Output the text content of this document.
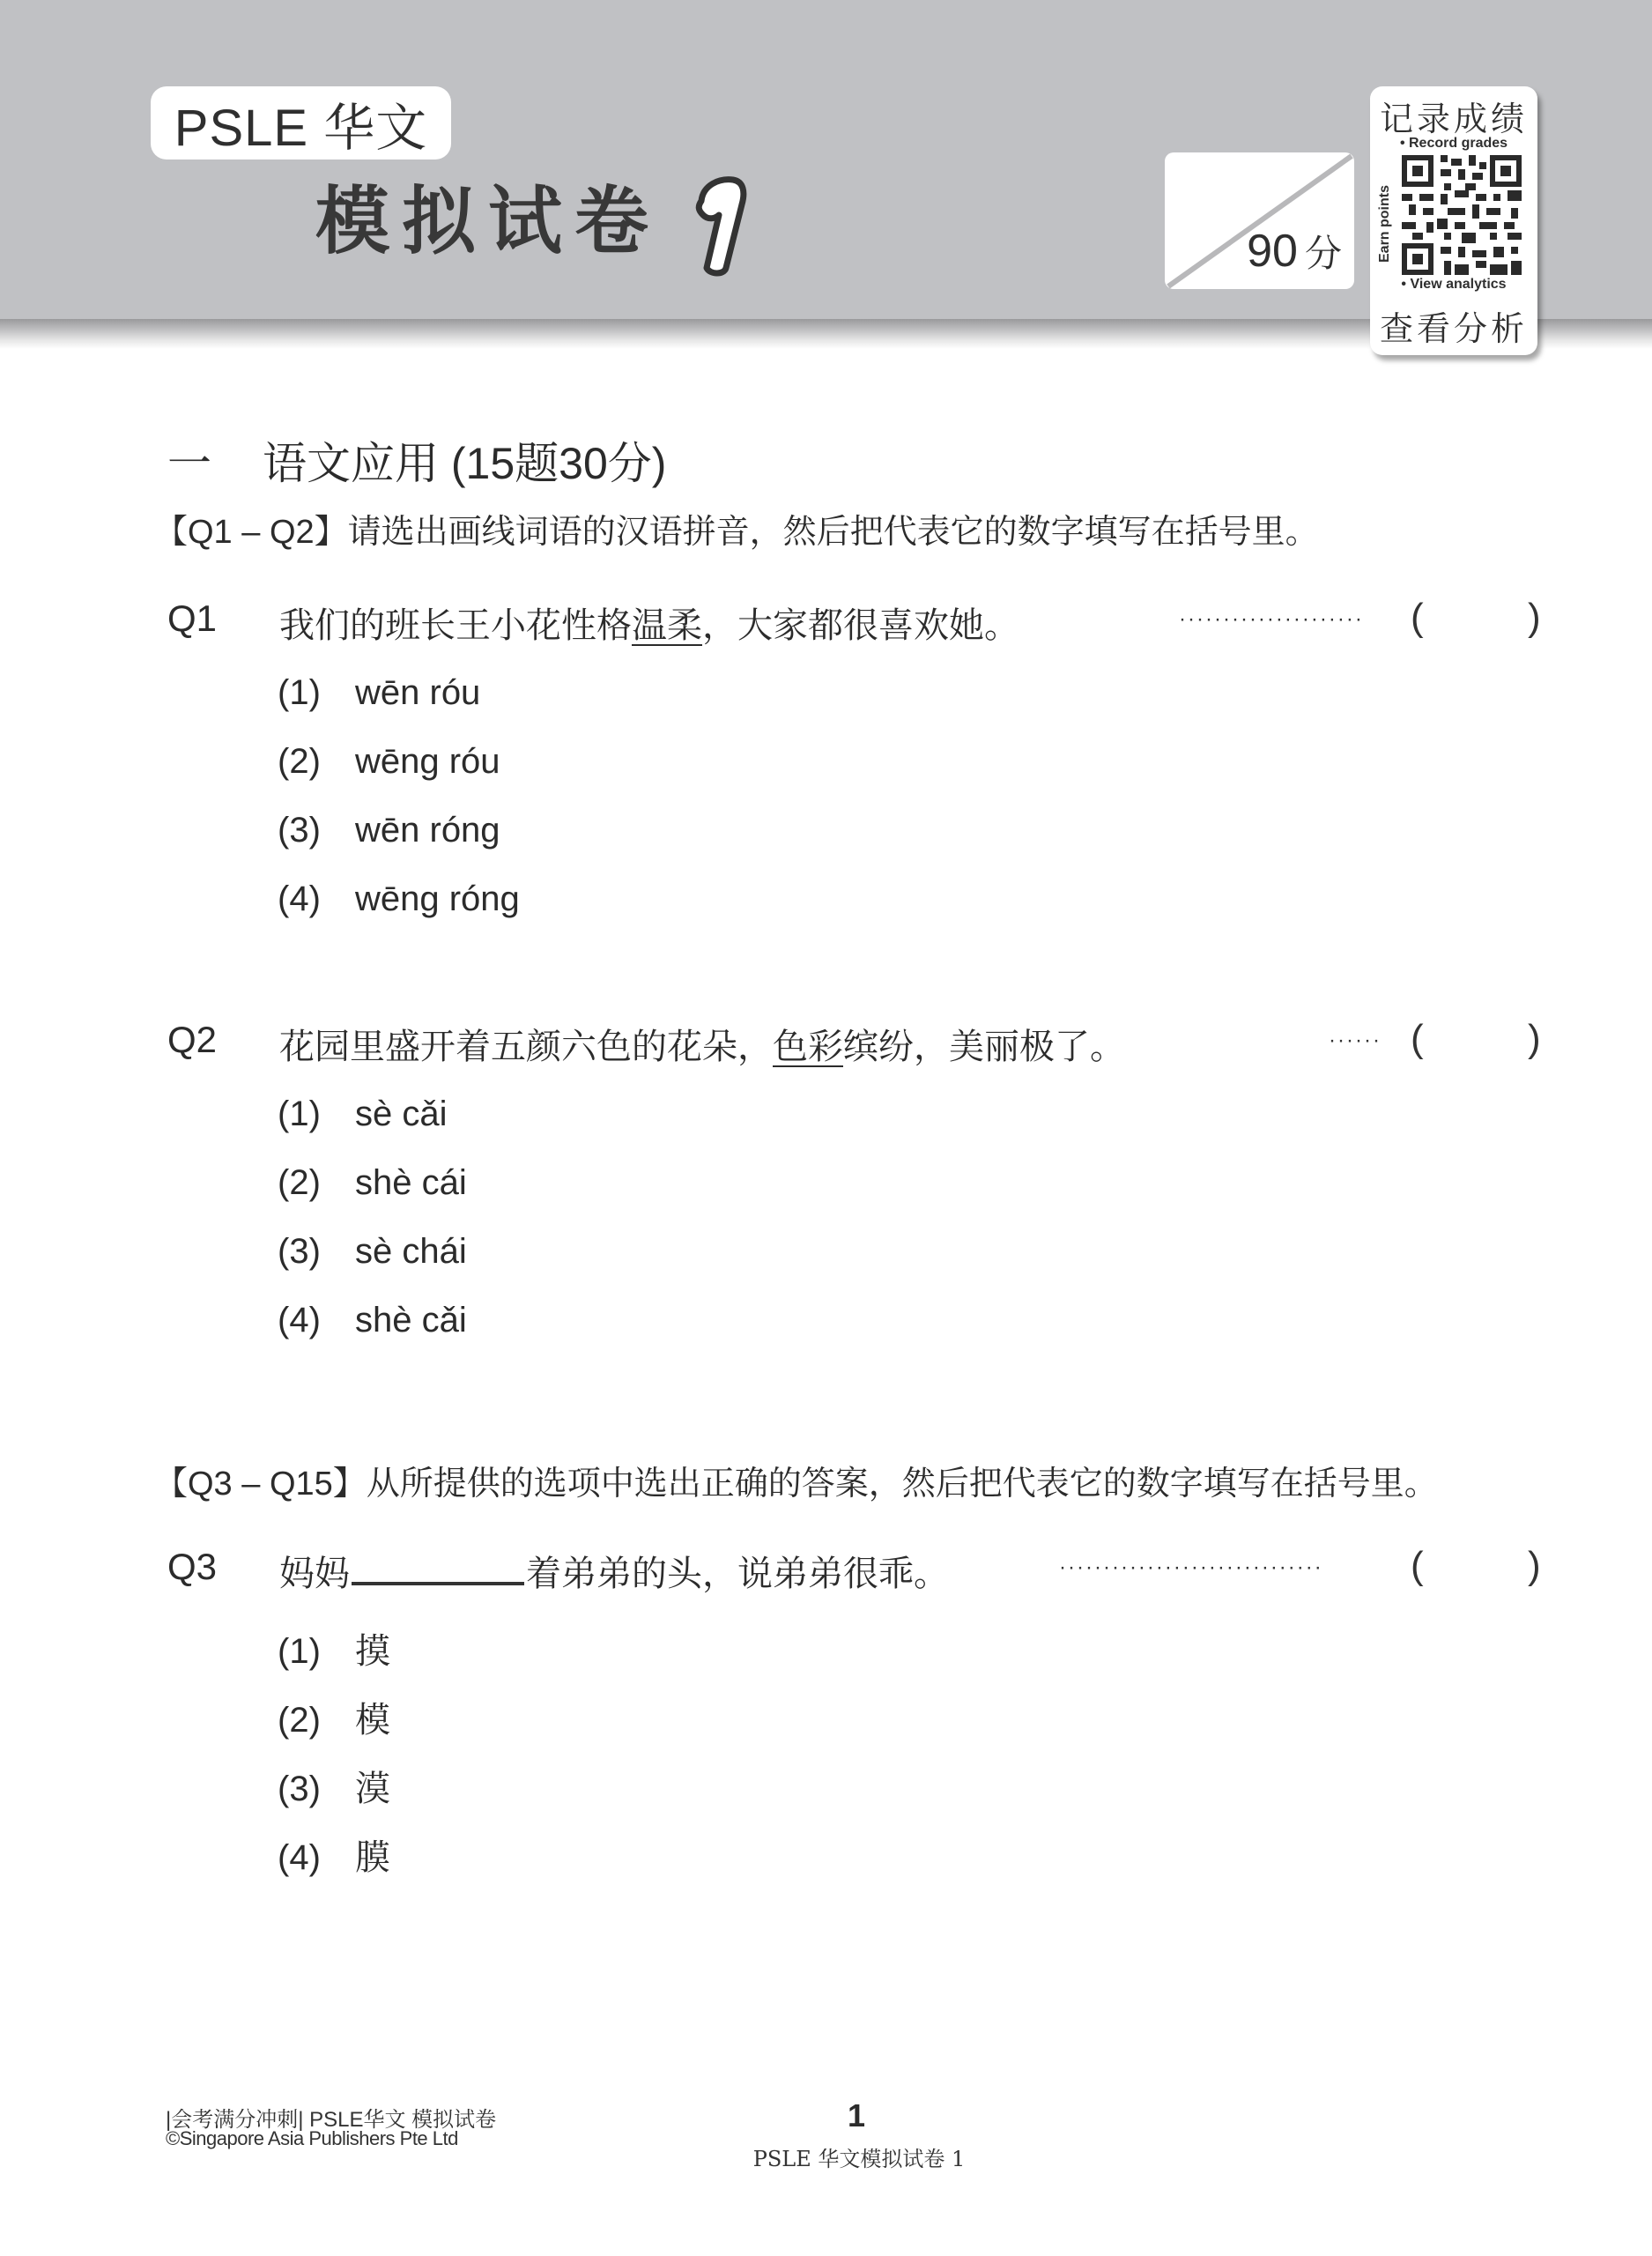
PSLE 华文
模拟试卷	90 分
记录成绩
• Record grades
Earn points
• View analytics
查看分析
一 语文应用 (15题30分)
【Q1 – Q2】请选出画线词语的汉语拼音，然后把代表它的数字填写在括号里。
Q1 我们的班长王小花性格温柔，大家都很喜欢她。	····················· (	)
(1) wēn róu
(2) wēng róu
(3) wēn róng
(4) wēng róng
Q2 花园里盛开着五颜六色的花朵，色彩缤纷，美丽极了。	······ (	)
(1) sè cǎi
(2) shè cái
(3) sè chái
(4) shè cǎi
【Q3 – Q15】从所提供的选项中选出正确的答案，然后把代表它的数字填写在括号里。
Q3 妈妈	着弟弟的头，说弟弟很乖。	······························ (	)
(1) 摸
(2) 模
(3) 漠
(4) 膜
|会考满分冲刺| PSLE华文 模拟试卷
©Singapore Asia Publishers Pte Ltd
1
PSLE 华文模拟试卷 1
